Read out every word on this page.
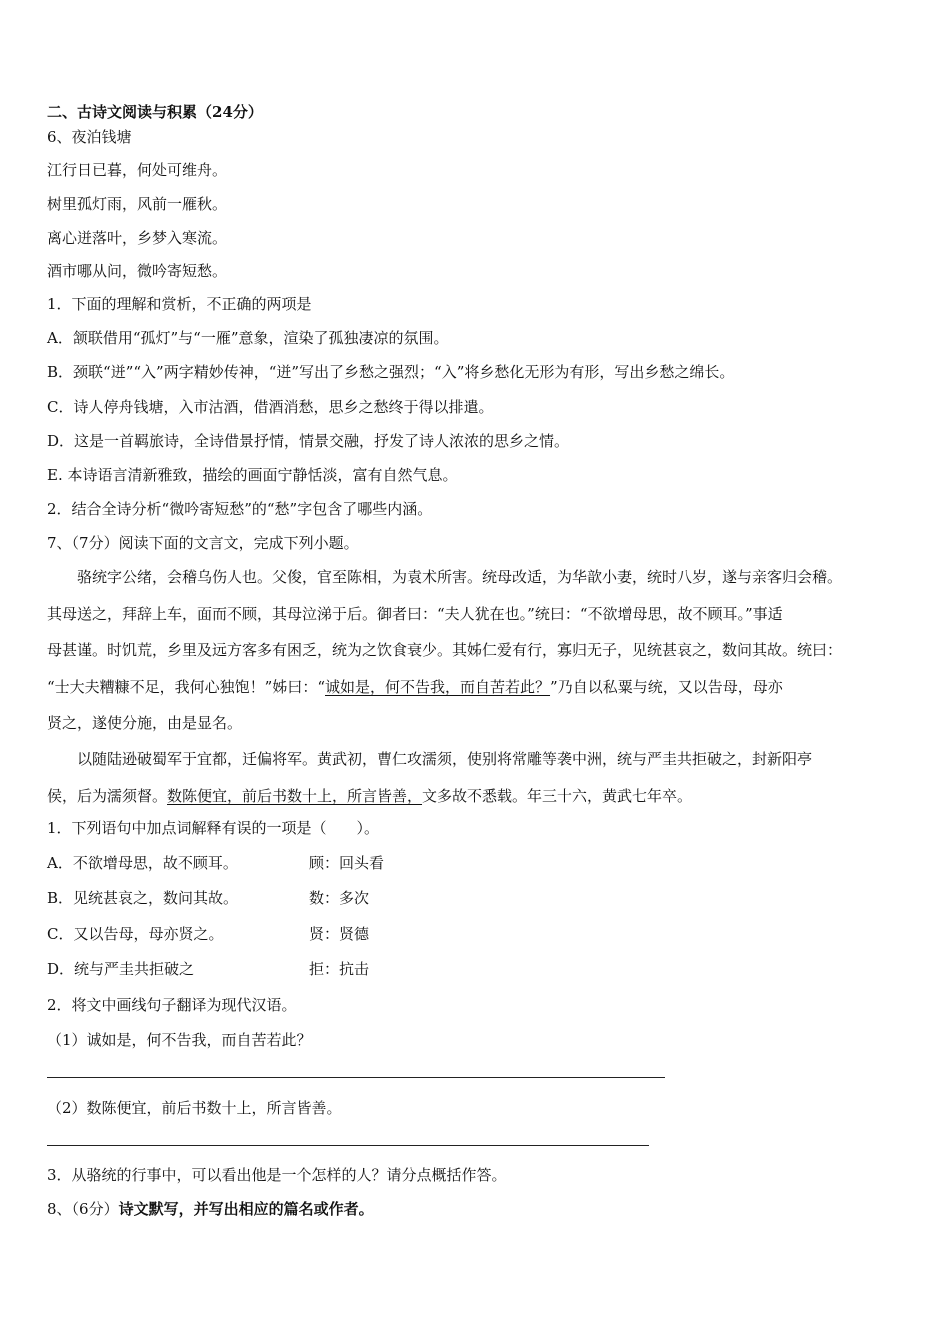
二、古诗文阅读与积累（24分）
6、夜泊钱塘
江行日已暮，何处可维舟。
树里孤灯雨，风前一雁秋。
离心迸落叶，乡梦入寒流。
酒市哪从问，微吟寄短愁。
1．下面的理解和赏析，不正确的两项是
A．颔联借用“孤灯”与“一雁”意象，渲染了孤独凄凉的氛围。
B．颈联“迸”“入”两字精妙传神，“迸”写出了乡愁之强烈；“入”将乡愁化无形为有形，写出乡愁之绵长。
C．诗人停舟钱塘，入市沽酒，借酒消愁，思乡之愁终于得以排遣。
D．这是一首羁旅诗，全诗借景抒情，情景交融，抒发了诗人浓浓的思乡之情。
E. 本诗语言清新雅致，描绘的画面宁静恬淡，富有自然气息。
2．结合全诗分析“微吟寄短愁”的“愁”字包含了哪些内涵。
7、（7分）阅读下面的文言文，完成下列小题。
骆统字公绪，会稽乌伤人也。父俊，官至陈相，为袁术所害。统母改适，为华歆小妻，统时八岁，遂与亲客归会稽。
其母送之，拜辞上车，面而不顾，其母泣涕于后。御者曰：“夫人犹在也。”统曰：“不欲增母思，故不顾耳。”事适
母甚谨。时饥荒，乡里及远方客多有困乏，统为之饮食衰少。其姊仁爱有行，寡归无子，见统甚哀之，数问其故。统曰：
“士大夫糟糠不足，我何心独饱！”姊曰：“诚如是，何不告我，而自苦若此？”乃自以私粟与统，又以告母，母亦
贤之，遂使分施，由是显名。
以随陆逊破蜀军于宜都，迁偏将军。黄武初，曹仁攻濡须，使别将常雕等袭中洲，统与严圭共拒破之，封新阳亭
侯，后为濡须督。数陈便宜，前后书数十上，所言皆善，文多故不悉载。年三十六，黄武七年卒。
1．下列语句中加点词解释有误的一项是（　　）。
A．不欲增母思，故不顾耳。	顾：回头看
B．见统甚哀之，数问其故。	数：多次
C．又以告母，母亦贤之。	贤：贤德
D．统与严圭共拒破之	拒：抗击
2．将文中画线句子翻译为现代汉语。
（1）诚如是，何不告我，而自苦若此？
（2）数陈便宜，前后书数十上，所言皆善。
3．从骆统的行事中，可以看出他是一个怎样的人？请分点概括作答。
8、（6分）诗文默写，并写出相应的篇名或作者。
